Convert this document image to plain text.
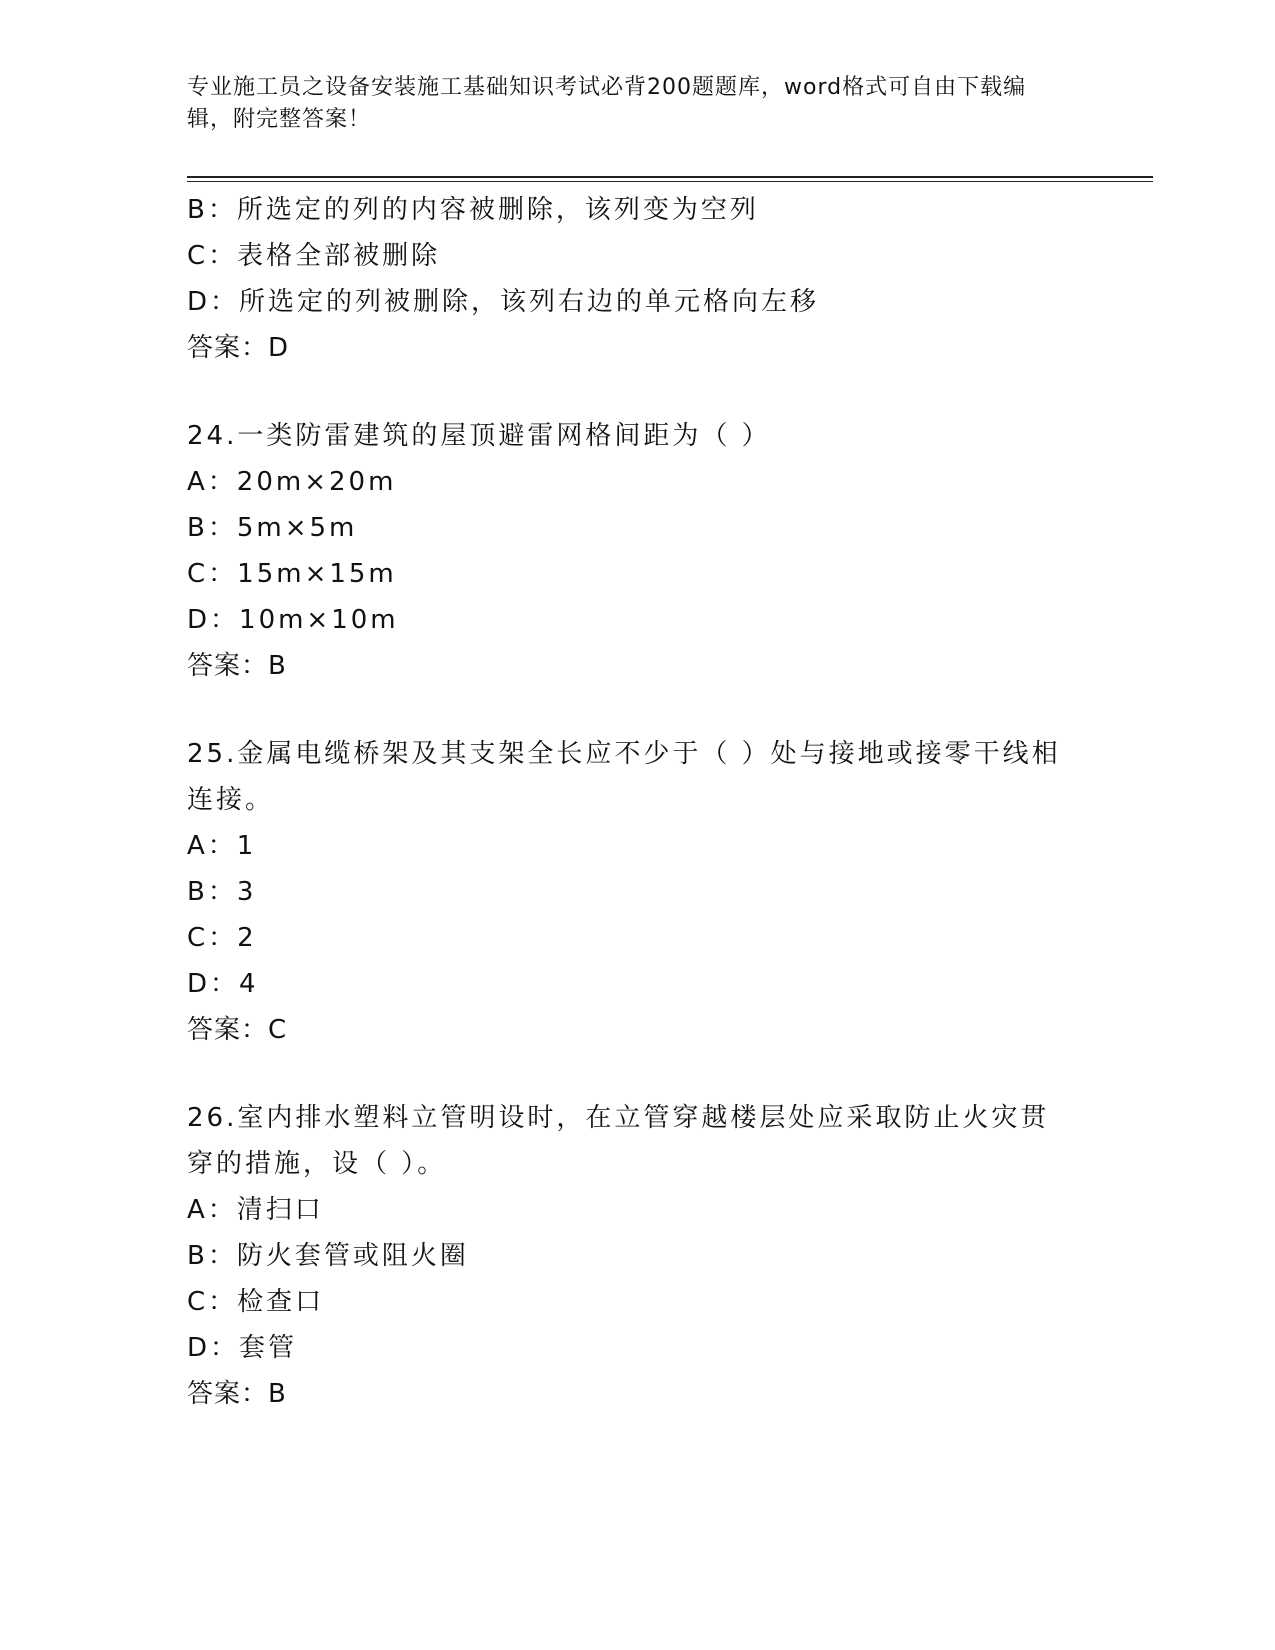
专业施工员之设备安装施工基础知识考试必背200题题库，word格式可自由下载编辑，附完整答案！
B：所选定的列的内容被删除，该列变为空列
C：表格全部被删除
D：所选定的列被删除，该列右边的单元格向左移
答案：D
24.一类防雷建筑的屋顶避雷网格间距为（ ）
A：20m×20m
B：5m×5m
C：15m×15m
D：10m×10m
答案：B
25.金属电缆桥架及其支架全长应不少于（ ）处与接地或接零干线相连接。
A：1
B：3
C：2
D：4
答案：C
26.室内排水塑料立管明设时，在立管穿越楼层处应采取防止火灾贯穿的措施，设（ ）。
A：清扫口
B：防火套管或阻火圈
C：检查口
D：套管
答案：B
